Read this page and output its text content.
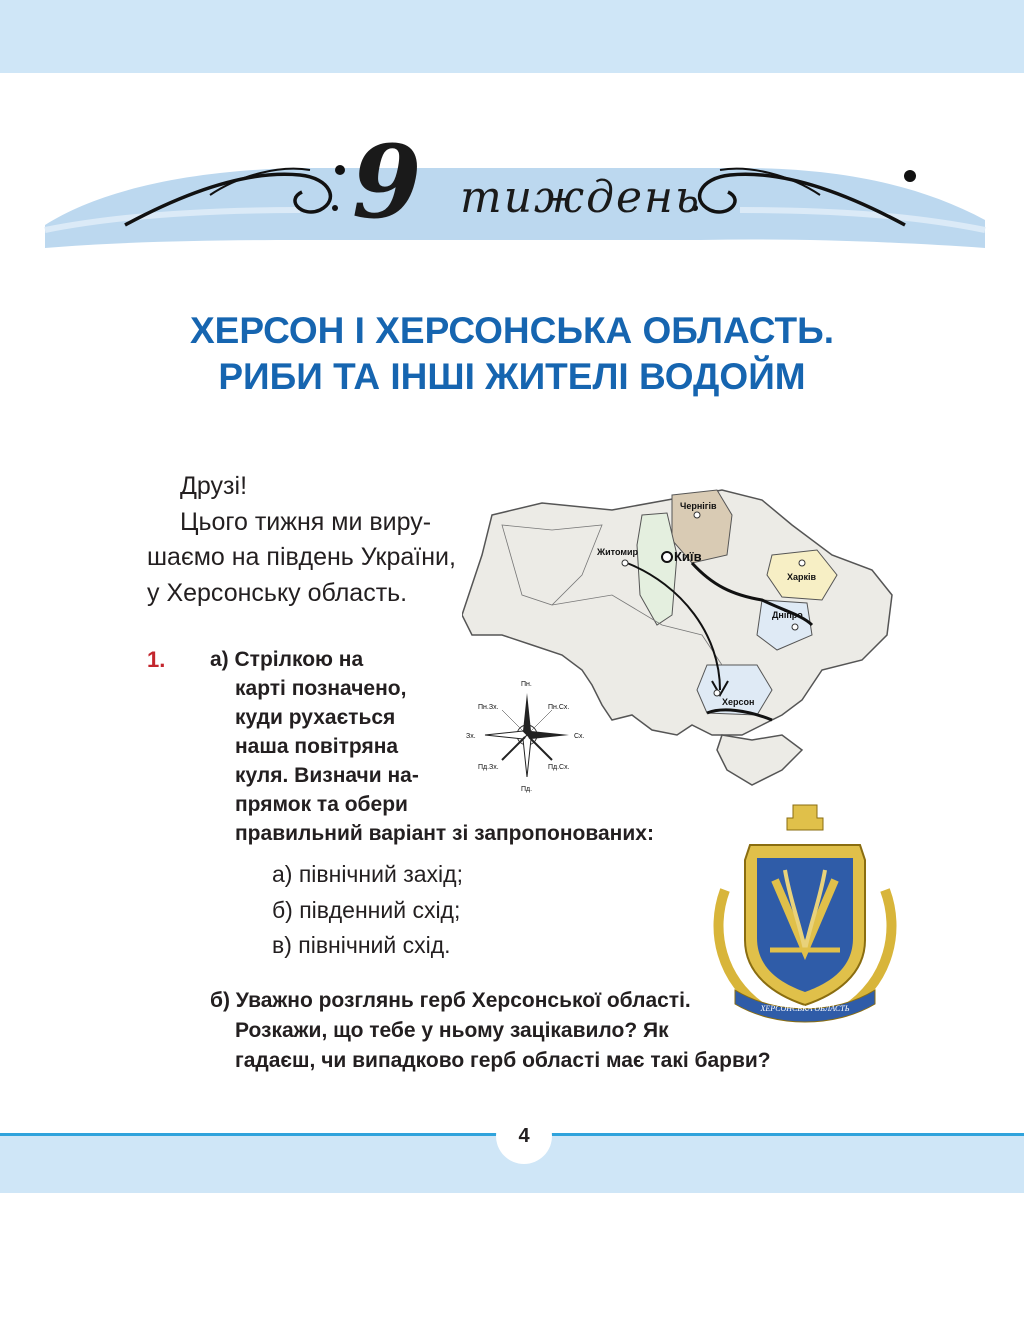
9 тиждень
ХЕРСОН І ХЕРСОНСЬКА ОБЛАСТЬ.
РИБИ ТА ІНШІ ЖИТЕЛІ ВОДОЙМ
Друзі!
Цього тижня ми виру-
шаємо на південь України,
у Херсонську область.
1. а) Стрілкою на
карті позначено,
куди рухається
наша повітряна
куля. Визначи на-
прямок та обери
правильний варіант зі запропонованих:
а) північний захід;
б) південний схід;
в) північний схід.
б) Уважно розглянь герб Херсонської області.
Розкажи, що тебе у ньому зацікавило? Як
гадаєш, чи випадково герб області має такі барви?
Чернігів
Житомир	Київ
Харків
Дніпро
Херсон
Пн.
Пн.Зх.	Пн.Сх.
Зх.	Сх.
Пд.Зх.	Пд.Сх.
Пд.
ХЕРСОНСЬКА ОБЛАСТЬ
4
